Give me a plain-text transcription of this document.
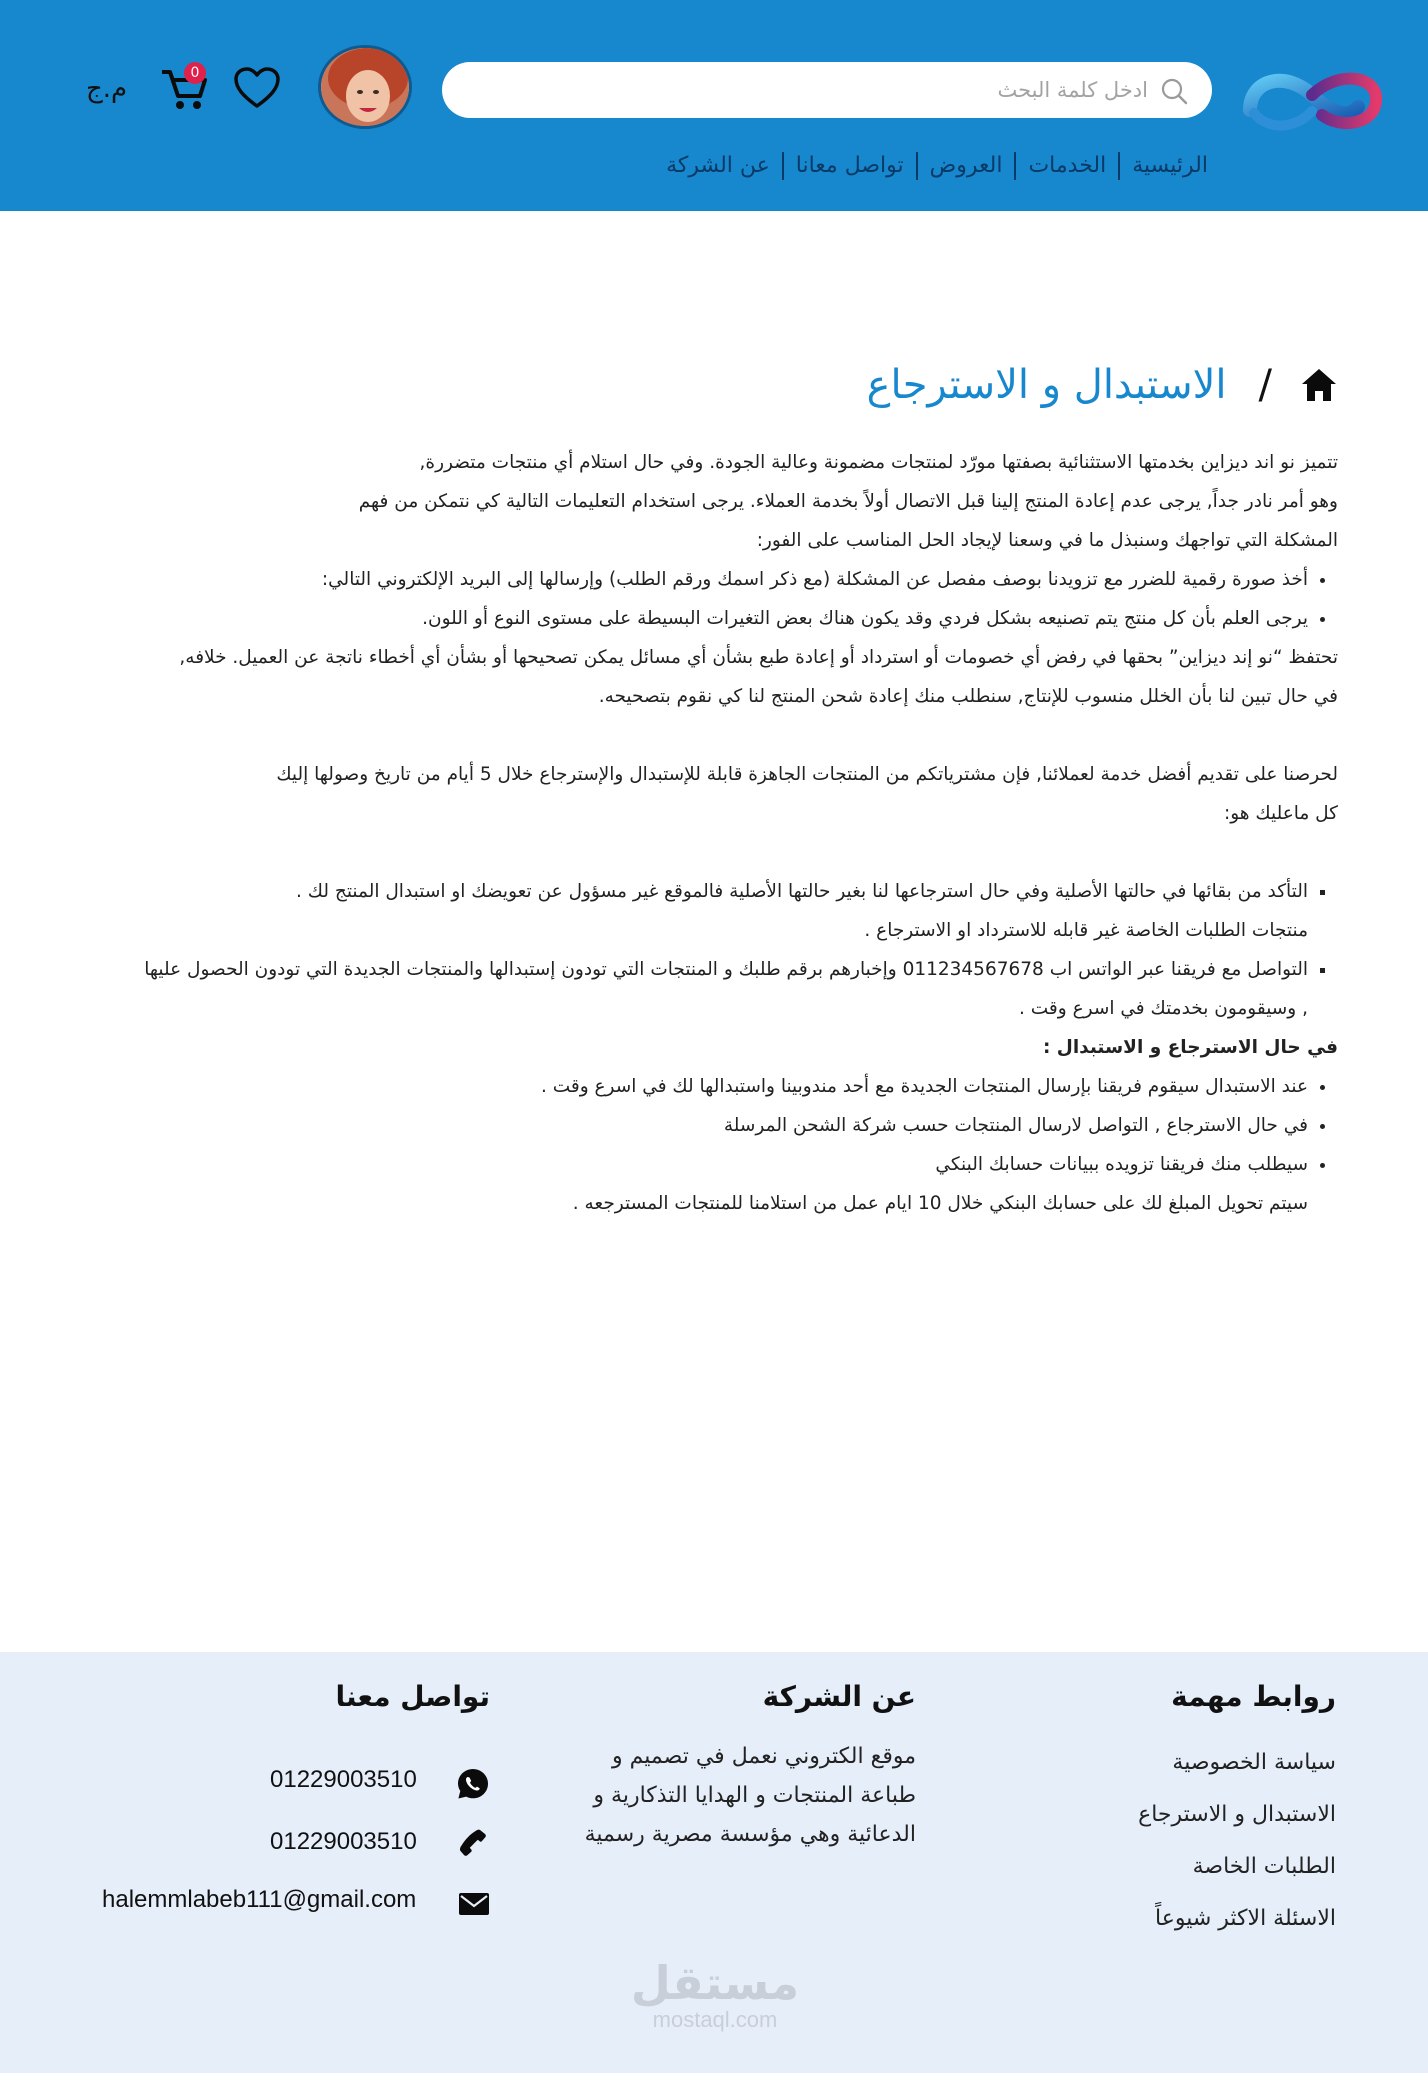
ادخل كلمة البحث
0
م.ج
الرئيسية
الخدمات
العروض
تواصل معانا
عن الشركة
/
الاستبدال و الاسترجاع

تتميز نو اند ديزاين بخدمتها الاستثنائية بصفتها مورّد لمنتجات مضمونة وعالية الجودة. وفي حال استلام أي منتجات متضررة,

وهو أمر نادر جداً, يرجى عدم إعادة المنتج إلينا قبل الاتصال أولاً بخدمة العملاء. يرجى استخدام التعليمات التالية كي نتمكن من فهم

المشكلة التي تواجهك وسنبذل ما في وسعنا لإيجاد الحل المناسب على الفور:

• أخذ صورة رقمية للضرر مع تزويدنا بوصف مفصل عن المشكلة (مع ذكر اسمك ورقم الطلب) وإرسالها إلى البريد الإلكتروني التالي:
• يرجى العلم بأن كل منتج يتم تصنيعه بشكل فردي وقد يكون هناك بعض التغيرات البسيطة على مستوى النوع أو اللون.

تحتفظ “نو إند ديزاين” بحقها في رفض أي خصومات أو استرداد أو إعادة طبع بشأن أي مسائل يمكن تصحيحها أو بشأن أي أخطاء ناتجة عن العميل. خلافه,

في حال تبين لنا بأن الخلل منسوب للإنتاج, سنطلب منك إعادة شحن المنتج لنا كي نقوم بتصحيحه.

لحرصنا على تقديم أفضل خدمة لعملائنا, فإن مشترياتكم من المنتجات الجاهزة قابلة للإستبدال والإسترجاع خلال 5 أيام من تاريخ وصولها إليك

كل ماعليك هو:

▪ التأكد من بقائها في حالتها الأصلية وفي حال استرجاعها لنا بغير حالتها الأصلية فالموقع غير مسؤول عن تعويضك او استبدال المنتج لك .
منتجات الطلبات الخاصة غير قابله للاسترداد او الاسترجاع .
▪ التواصل مع فريقنا عبر الواتس اب 011234567678 وإخبارهم برقم طلبك و المنتجات التي تودون إستبدالها والمنتجات الجديدة التي تودون الحصول عليها
, وسيقومون بخدمتك في اسرع وقت .

في حال الاسترجاع و الاستبدال :

• عند الاستبدال سيقوم فريقنا بإرسال المنتجات الجديدة مع أحد مندوبينا واستبدالها لك في اسرع وقت .
• في حال الاسترجاع , التواصل لارسال المنتجات حسب شركة الشحن المرسلة
• سيطلب منك فريقنا تزويده ببيانات حسابك البنكي
سيتم تحويل المبلغ لك على حسابك البنكي خلال 10 ايام عمل من استلامنا للمنتجات المسترجعه .
روابط مهمة
سياسة الخصوصية
الاستبدال و الاسترجاع
الطلبات الخاصة
الاسئلة الاكثر شيوعاً
عن الشركة
موقع الكتروني نعمل في تصميم و طباعة المنتجات و الهدايا التذكارية و الدعائية وهي مؤسسة مصرية رسمية
تواصل معنا
01229003510
01229003510
halemmlabeb111@gmail.com
مستقل
mostaql.com
